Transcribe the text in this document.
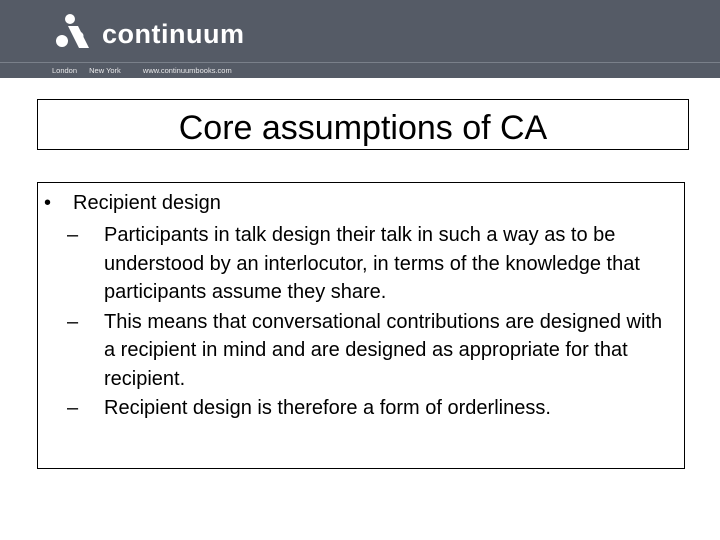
continuum
London New York	www.continuumbooks.com
Core assumptions of CA
• Recipient design
– Participants in talk design their talk in such a way as to be understood by an interlocutor, in terms of the knowledge that participants assume they share.
– This means that conversational contributions are designed with a recipient in mind and are designed as appropriate for that recipient.
– Recipient design is therefore a form of orderliness.
